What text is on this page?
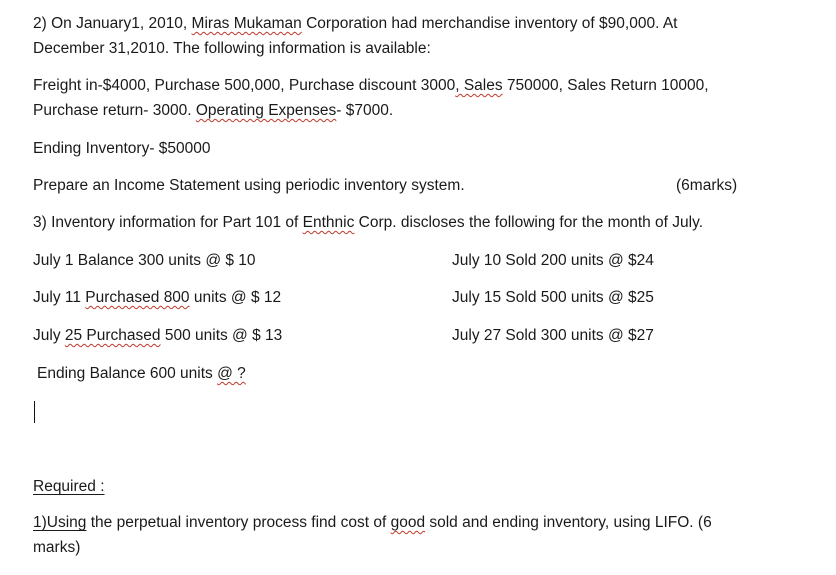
2) On January1, 2010, Miras Mukaman Corporation had merchandise inventory of $90,000. At
December 31,2010. The following information is available:
Freight in-$4000, Purchase 500,000, Purchase discount 3000, Sales 750000, Sales Return 10000,
Purchase return- 3000. Operating Expenses- $7000.
Ending Inventory- $50000
Prepare an Income Statement using periodic inventory system.	(6marks)
3) Inventory information for Part 101 of Enthnic Corp. discloses the following for the month of July.
July 1 Balance 300 units @ $ 10	July 10 Sold 200 units @ $24
July 11 Purchased 800 units @ $ 12	July 15 Sold 500 units @ $25
July 25 Purchased 500 units @ $ 13	July 27 Sold 300 units @ $27
Ending Balance 600 units @ ?
Required :
1)Using the perpetual inventory process find cost of good sold and ending inventory, using LIFO. (6
marks)
